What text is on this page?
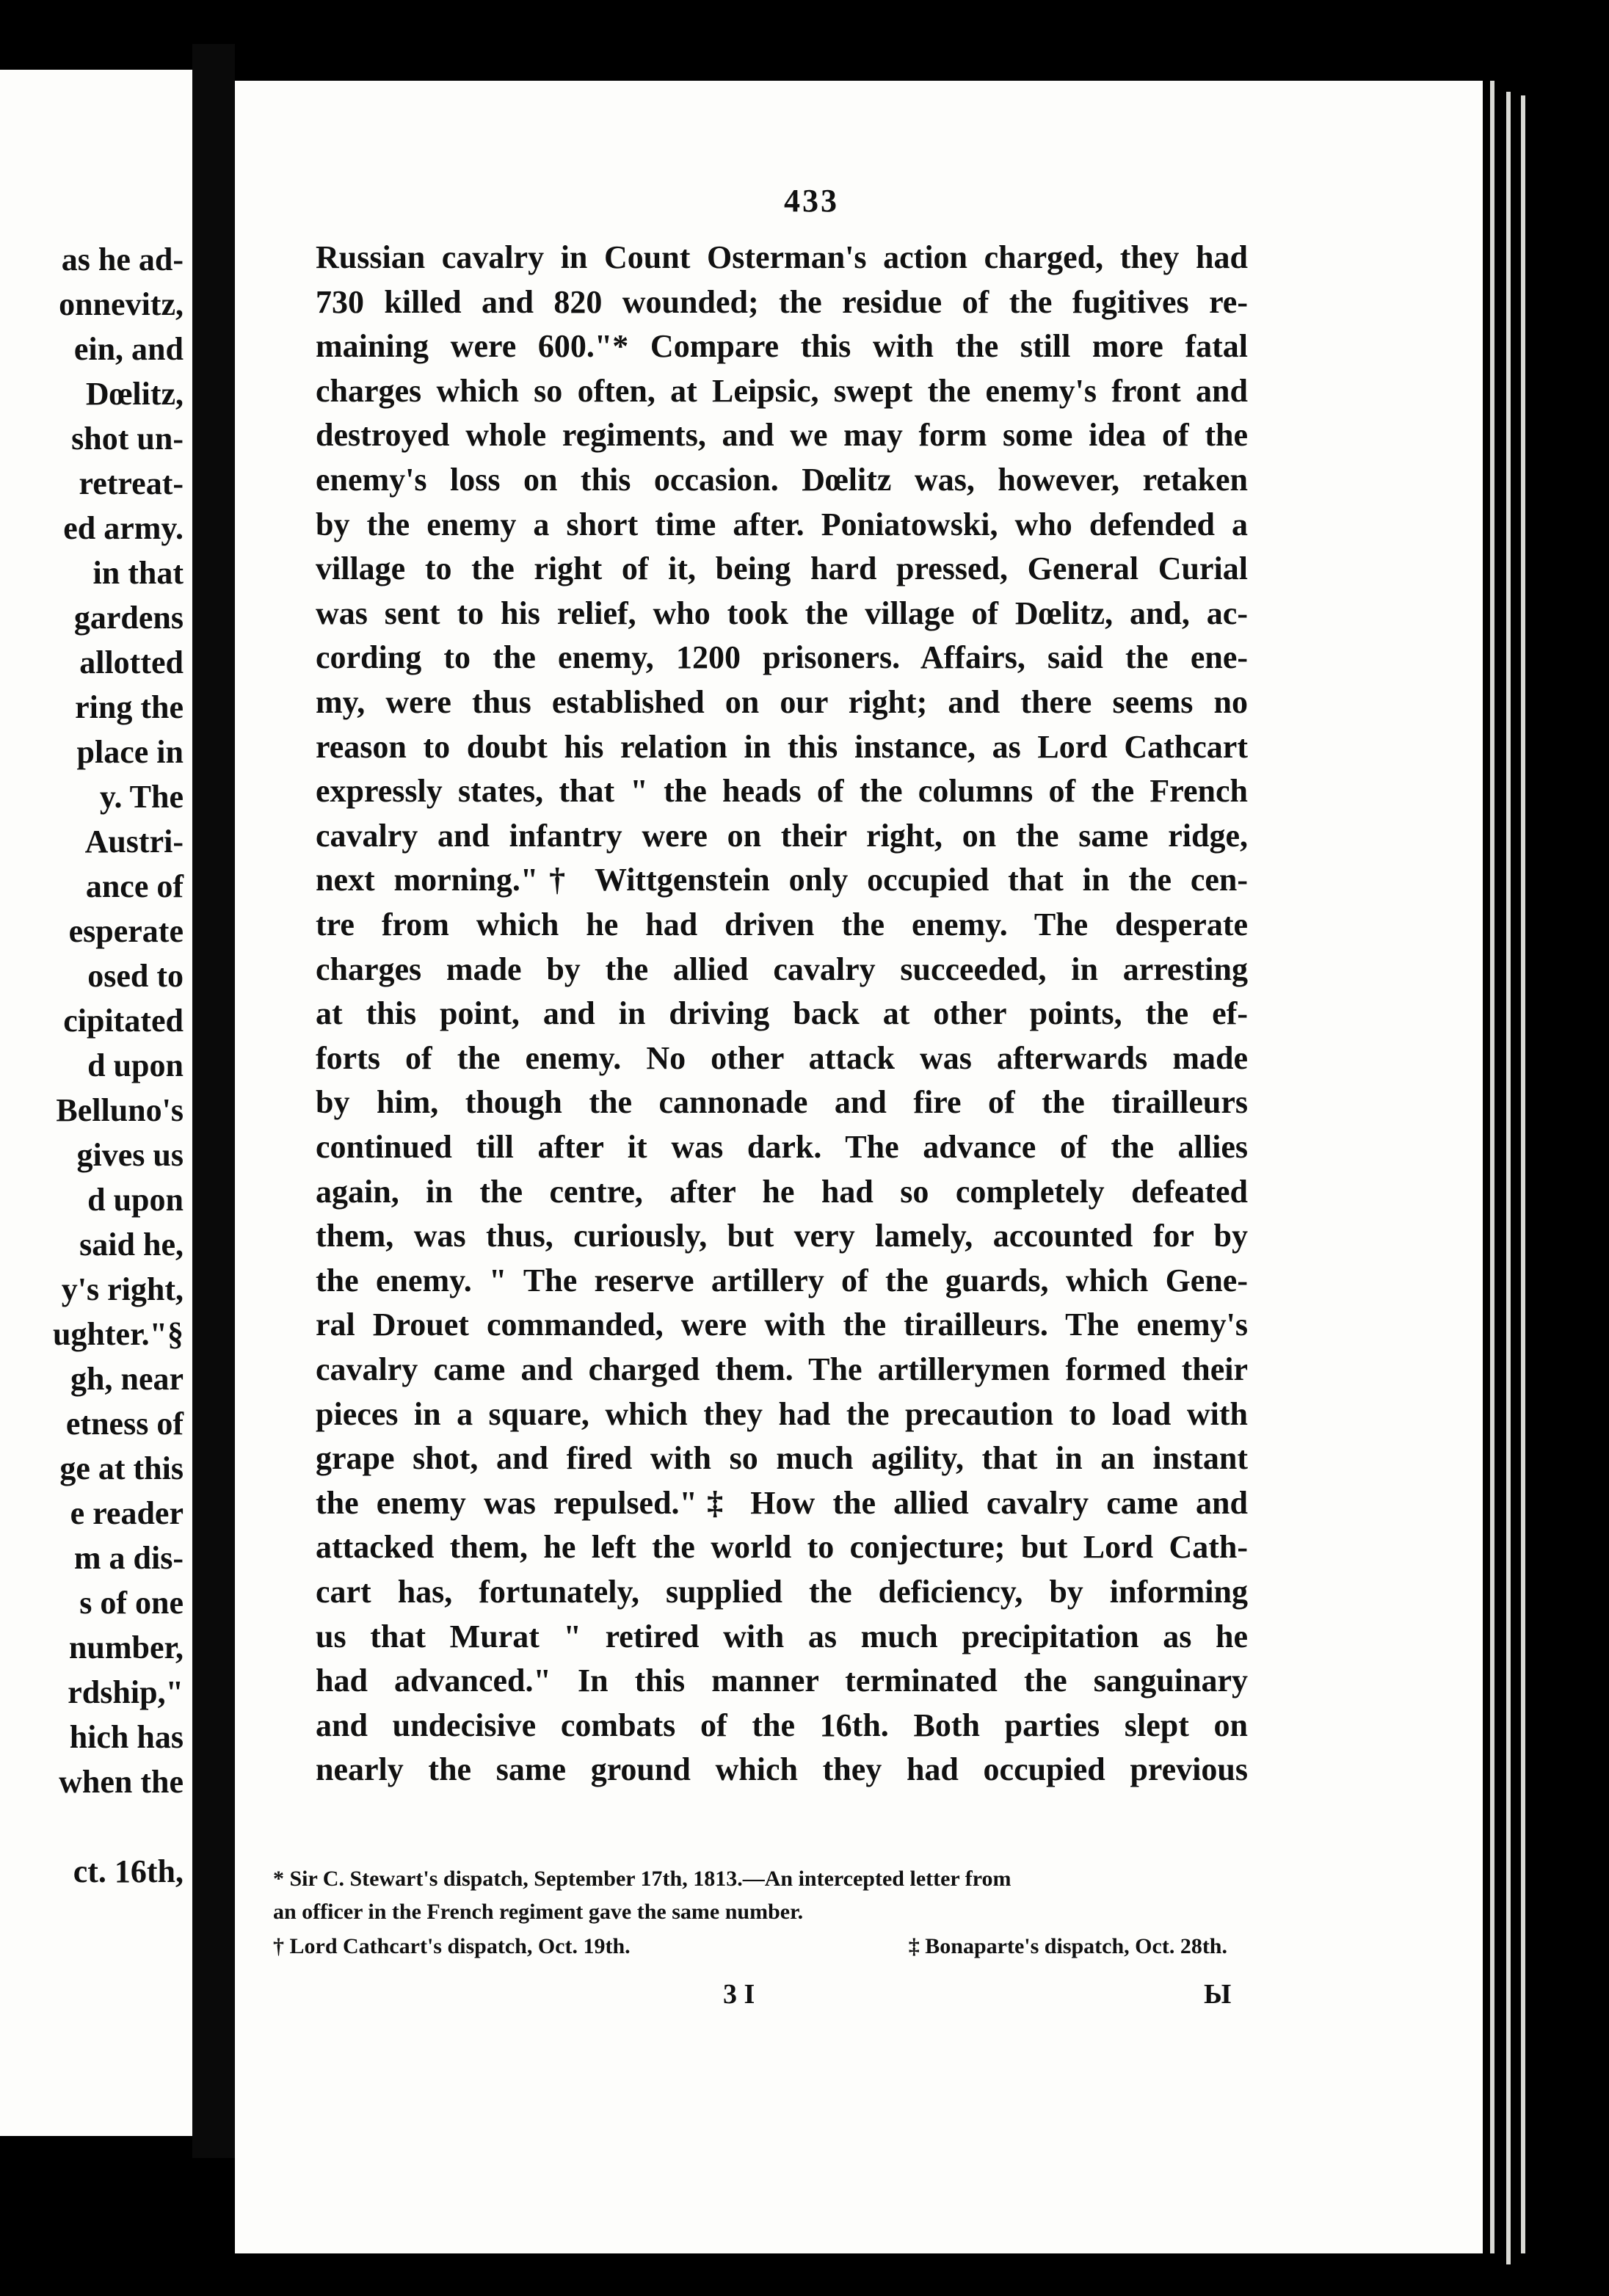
as he ad-
onnevitz,
ein, and
Dœlitz,
shot un-
retreat-
ed army.
in that
gardens
allotted
ring the
place in
y. The
Austri-
ance of
esperate
osed to
cipitated
d upon
Belluno's
gives us
d upon
said he,
y's right,
ughter."§
gh, near
etness of
ge at this
e reader
m a dis-
s of one
number,
rdship,"
hich has
when the
ct. 16th,
433
Russian cavalry in Count Osterman's action charged, they had
730 killed and 820 wounded; the residue of the fugitives re-
maining were 600."* Compare this with the still more fatal
charges which so often, at Leipsic, swept the enemy's front and
destroyed whole regiments, and we may form some idea of the
enemy's loss on this occasion. Dœlitz was, however, retaken
by the enemy a short time after. Poniatowski, who defended a
village to the right of it, being hard pressed, General Curial
was sent to his relief, who took the village of Dœlitz, and, ac-
cording to the enemy, 1200 prisoners. Affairs, said the ene-
my, were thus established on our right; and there seems no
reason to doubt his relation in this instance, as Lord Cathcart
expressly states, that " the heads of the columns of the French
cavalry and infantry were on their right, on the same ridge,
next morning."† Wittgenstein only occupied that in the cen-
tre from which he had driven the enemy. The desperate
charges made by the allied cavalry succeeded, in arresting
at this point, and in driving back at other points, the ef-
forts of the enemy. No other attack was afterwards made
by him, though the cannonade and fire of the tirailleurs
continued till after it was dark. The advance of the allies
again, in the centre, after he had so completely defeated
them, was thus, curiously, but very lamely, accounted for by
the enemy. " The reserve artillery of the guards, which Gene-
ral Drouet commanded, were with the tirailleurs. The enemy's
cavalry came and charged them. The artillerymen formed their
pieces in a square, which they had the precaution to load with
grape shot, and fired with so much agility, that in an instant
the enemy was repulsed."‡ How the allied cavalry came and
attacked them, he left the world to conjecture; but Lord Cath-
cart has, fortunately, supplied the deficiency, by informing
us that Murat " retired with as much precipitation as he
had advanced." In this manner terminated the sanguinary
and undecisive combats of the 16th. Both parties slept on
nearly the same ground which they had occupied previous
* Sir C. Stewart's dispatch, September 17th, 1813.—An intercepted letter from
an officer in the French regiment gave the same number.
† Lord Cathcart's dispatch, Oct. 19th.	‡ Bonaparte's dispatch, Oct. 28th.
3 I	Ы
